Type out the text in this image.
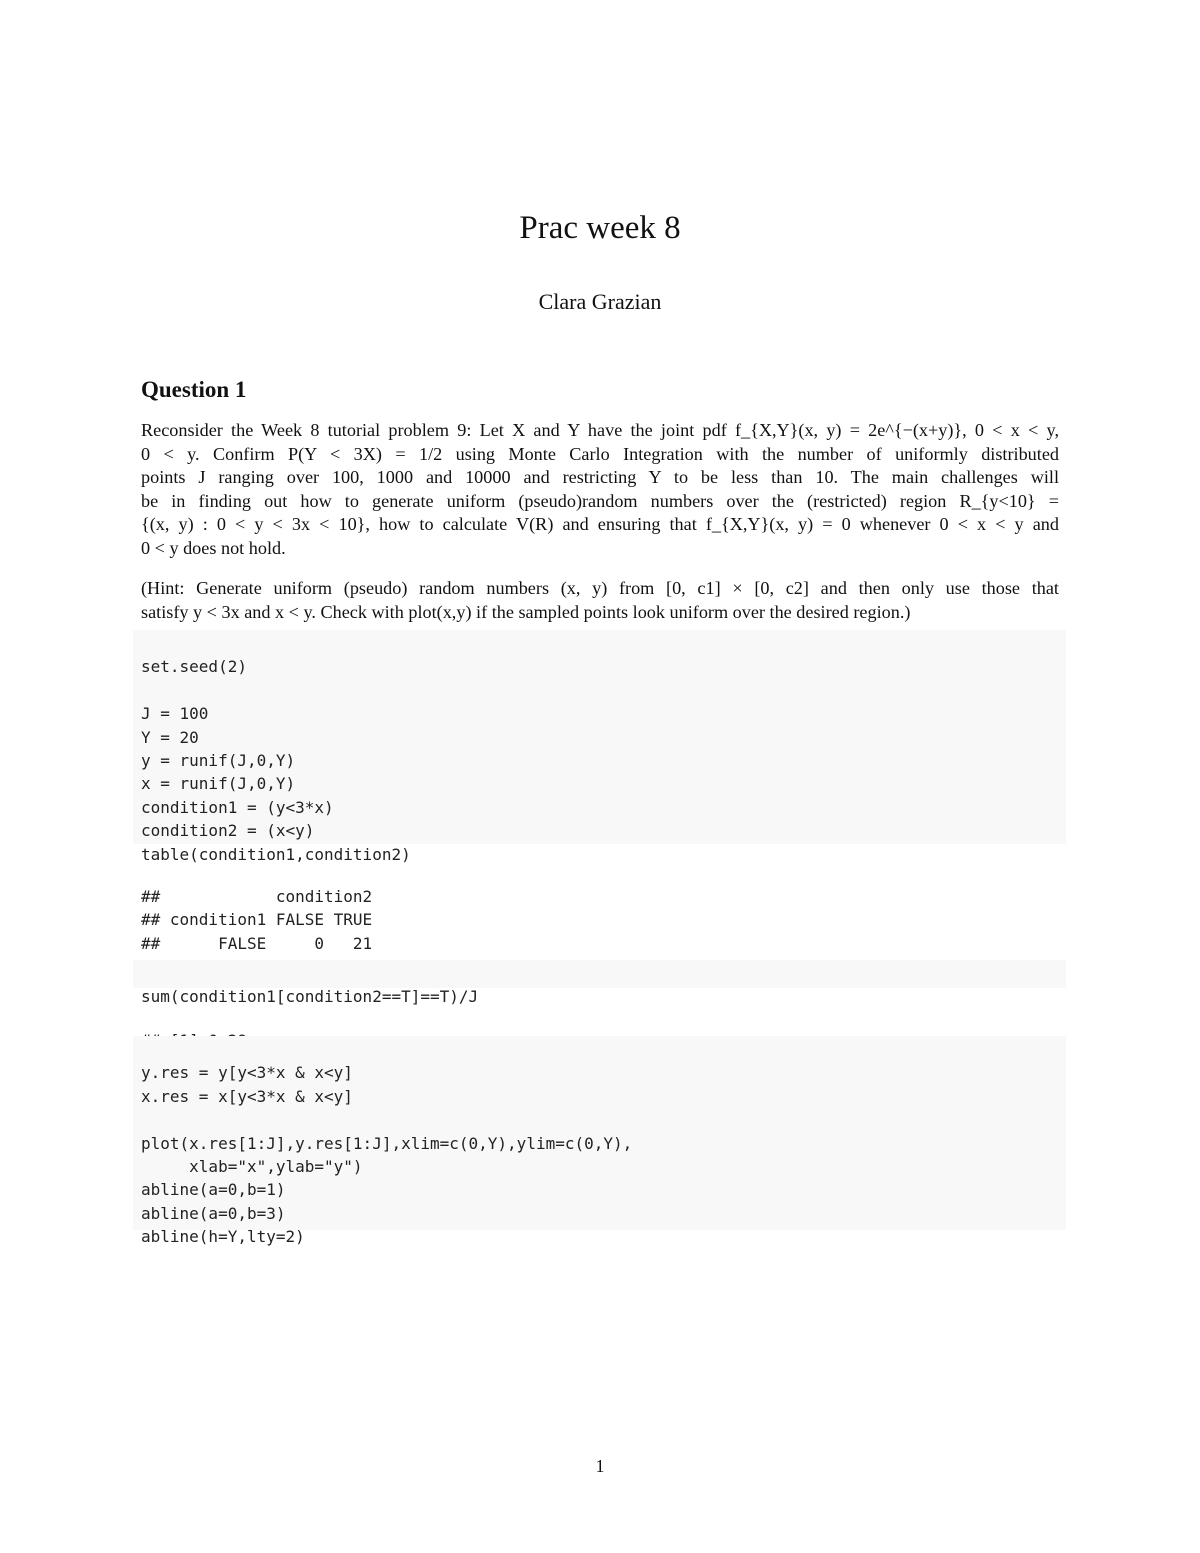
Prac week 8
Clara Grazian
Question 1
Reconsider the Week 8 tutorial problem 9: Let X and Y have the joint pdf f_{X,Y}(x, y) = 2e^{−(x+y)}, 0 < x < y,
0 < y. Confirm P(Y < 3X) = 1/2 using Monte Carlo Integration with the number of uniformly distributed
points J ranging over 100, 1000 and 10000 and restricting Y to be less than 10. The main challenges will
be in finding out how to generate uniform (pseudo)random numbers over the (restricted) region R_{y<10} =
{(x, y) : 0 < y < 3x < 10}, how to calculate V(R) and ensuring that f_{X,Y}(x, y) = 0 whenever 0 < x < y and
0 < y does not hold.
(Hint: Generate uniform (pseudo) random numbers (x, y) from [0, c1] × [0, c2] and then only use those that
satisfy y < 3x and x < y. Check with plot(x,y) if the sampled points look uniform over the desired region.)

set.seed(2)
J = 100
Y = 20
y = runif(J,0,Y)
x = runif(J,0,Y)
condition1 = (y<3*x)
condition2 = (x<y)
table(condition1,condition2)

##            condition2
## condition1 FALSE TRUE
##      FALSE     0   21

sum(condition1[condition2==T]==T)/J

y.res = y[y<3*x & x<y]
x.res = x[y<3*x & x<y]
plot(x.res[1:J],y.res[1:J],xlim=c(0,Y),ylim=c(0,Y),
xlab="x",ylab="y")
abline(a=0,b=1)
abline(a=0,b=3)
abline(h=Y,lty=2)

1
